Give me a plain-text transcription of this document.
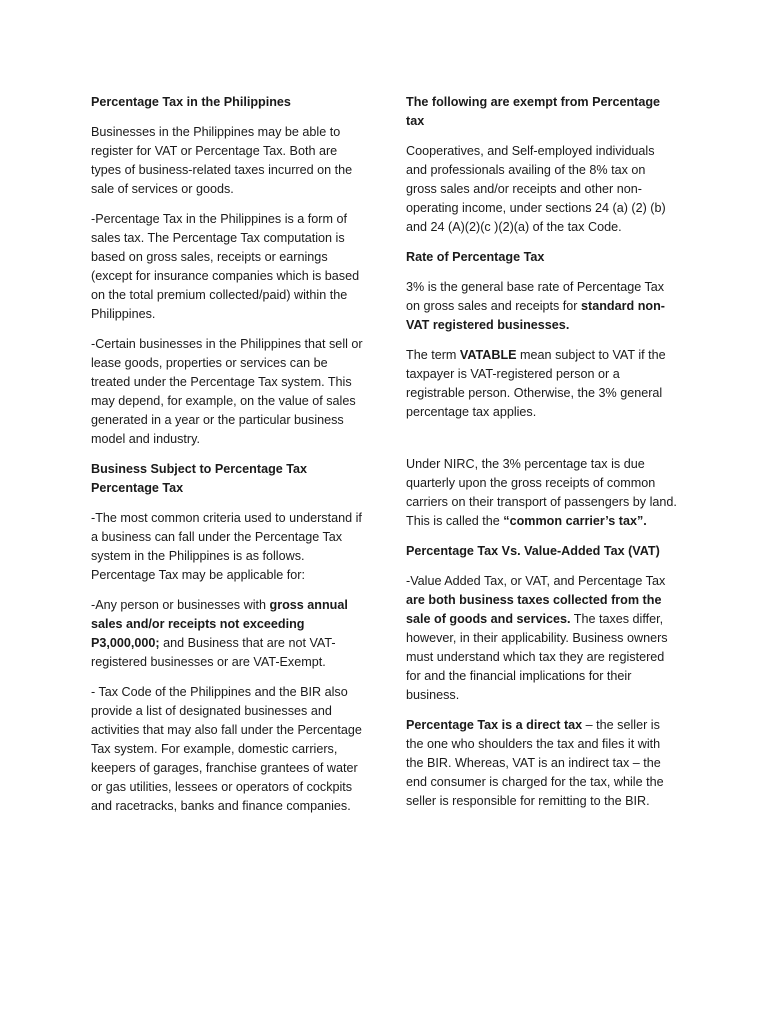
Percentage Tax in the Philippines

Businesses in the Philippines may be able to register for VAT or Percentage Tax. Both are types of business-related taxes incurred on the sale of services or goods.

-Percentage Tax in the Philippines is a form of sales tax. The Percentage Tax computation is based on gross sales, receipts or earnings (except for insurance companies which is based on the total premium collected/paid) within the Philippines.

-Certain businesses in the Philippines that sell or lease goods, properties or services can be treated under the Percentage Tax system. This may depend, for example, on the value of sales generated in a year or the particular business model and industry.

Business Subject to Percentage Tax Percentage Tax

-The most common criteria used to understand if a business can fall under the Percentage Tax system in the Philippines is as follows. Percentage Tax may be applicable for:

-Any person or businesses with gross annual sales and/or receipts not exceeding P3,000,000; and Business that are not VAT-registered businesses or are VAT-Exempt.

- Tax Code of the Philippines and the BIR also provide a list of designated businesses and activities that may also fall under the Percentage Tax system. For example, domestic carriers, keepers of garages, franchise grantees of water or gas utilities, lessees or operators of cockpits and racetracks, banks and finance companies.

The following are exempt from Percentage tax

Cooperatives, and Self-employed individuals and professionals availing of the 8% tax on gross sales and/or receipts and other non-operating income, under sections 24 (a) (2) (b) and 24 (A)(2)(c )(2)(a) of the tax Code.

Rate of Percentage Tax

3% is the general base rate of Percentage Tax on gross sales and receipts for standard non-VAT registered businesses.

The term VATABLE mean subject to VAT if the taxpayer is VAT-registered person or a registrable person. Otherwise, the 3% general percentage tax applies.

Under NIRC, the 3% percentage tax is due quarterly upon the gross receipts of common carriers on their transport of passengers by land. This is called the “common carrier’s tax”.

Percentage Tax Vs. Value-Added Tax (VAT)

-Value Added Tax, or VAT, and Percentage Tax are both business taxes collected from the sale of goods and services. The taxes differ, however, in their applicability. Business owners must understand which tax they are registered for and the financial implications for their business.

Percentage Tax is a direct tax – the seller is the one who shoulders the tax and files it with the BIR. Whereas, VAT is an indirect tax – the end consumer is charged for the tax, while the seller is responsible for remitting to the BIR.
